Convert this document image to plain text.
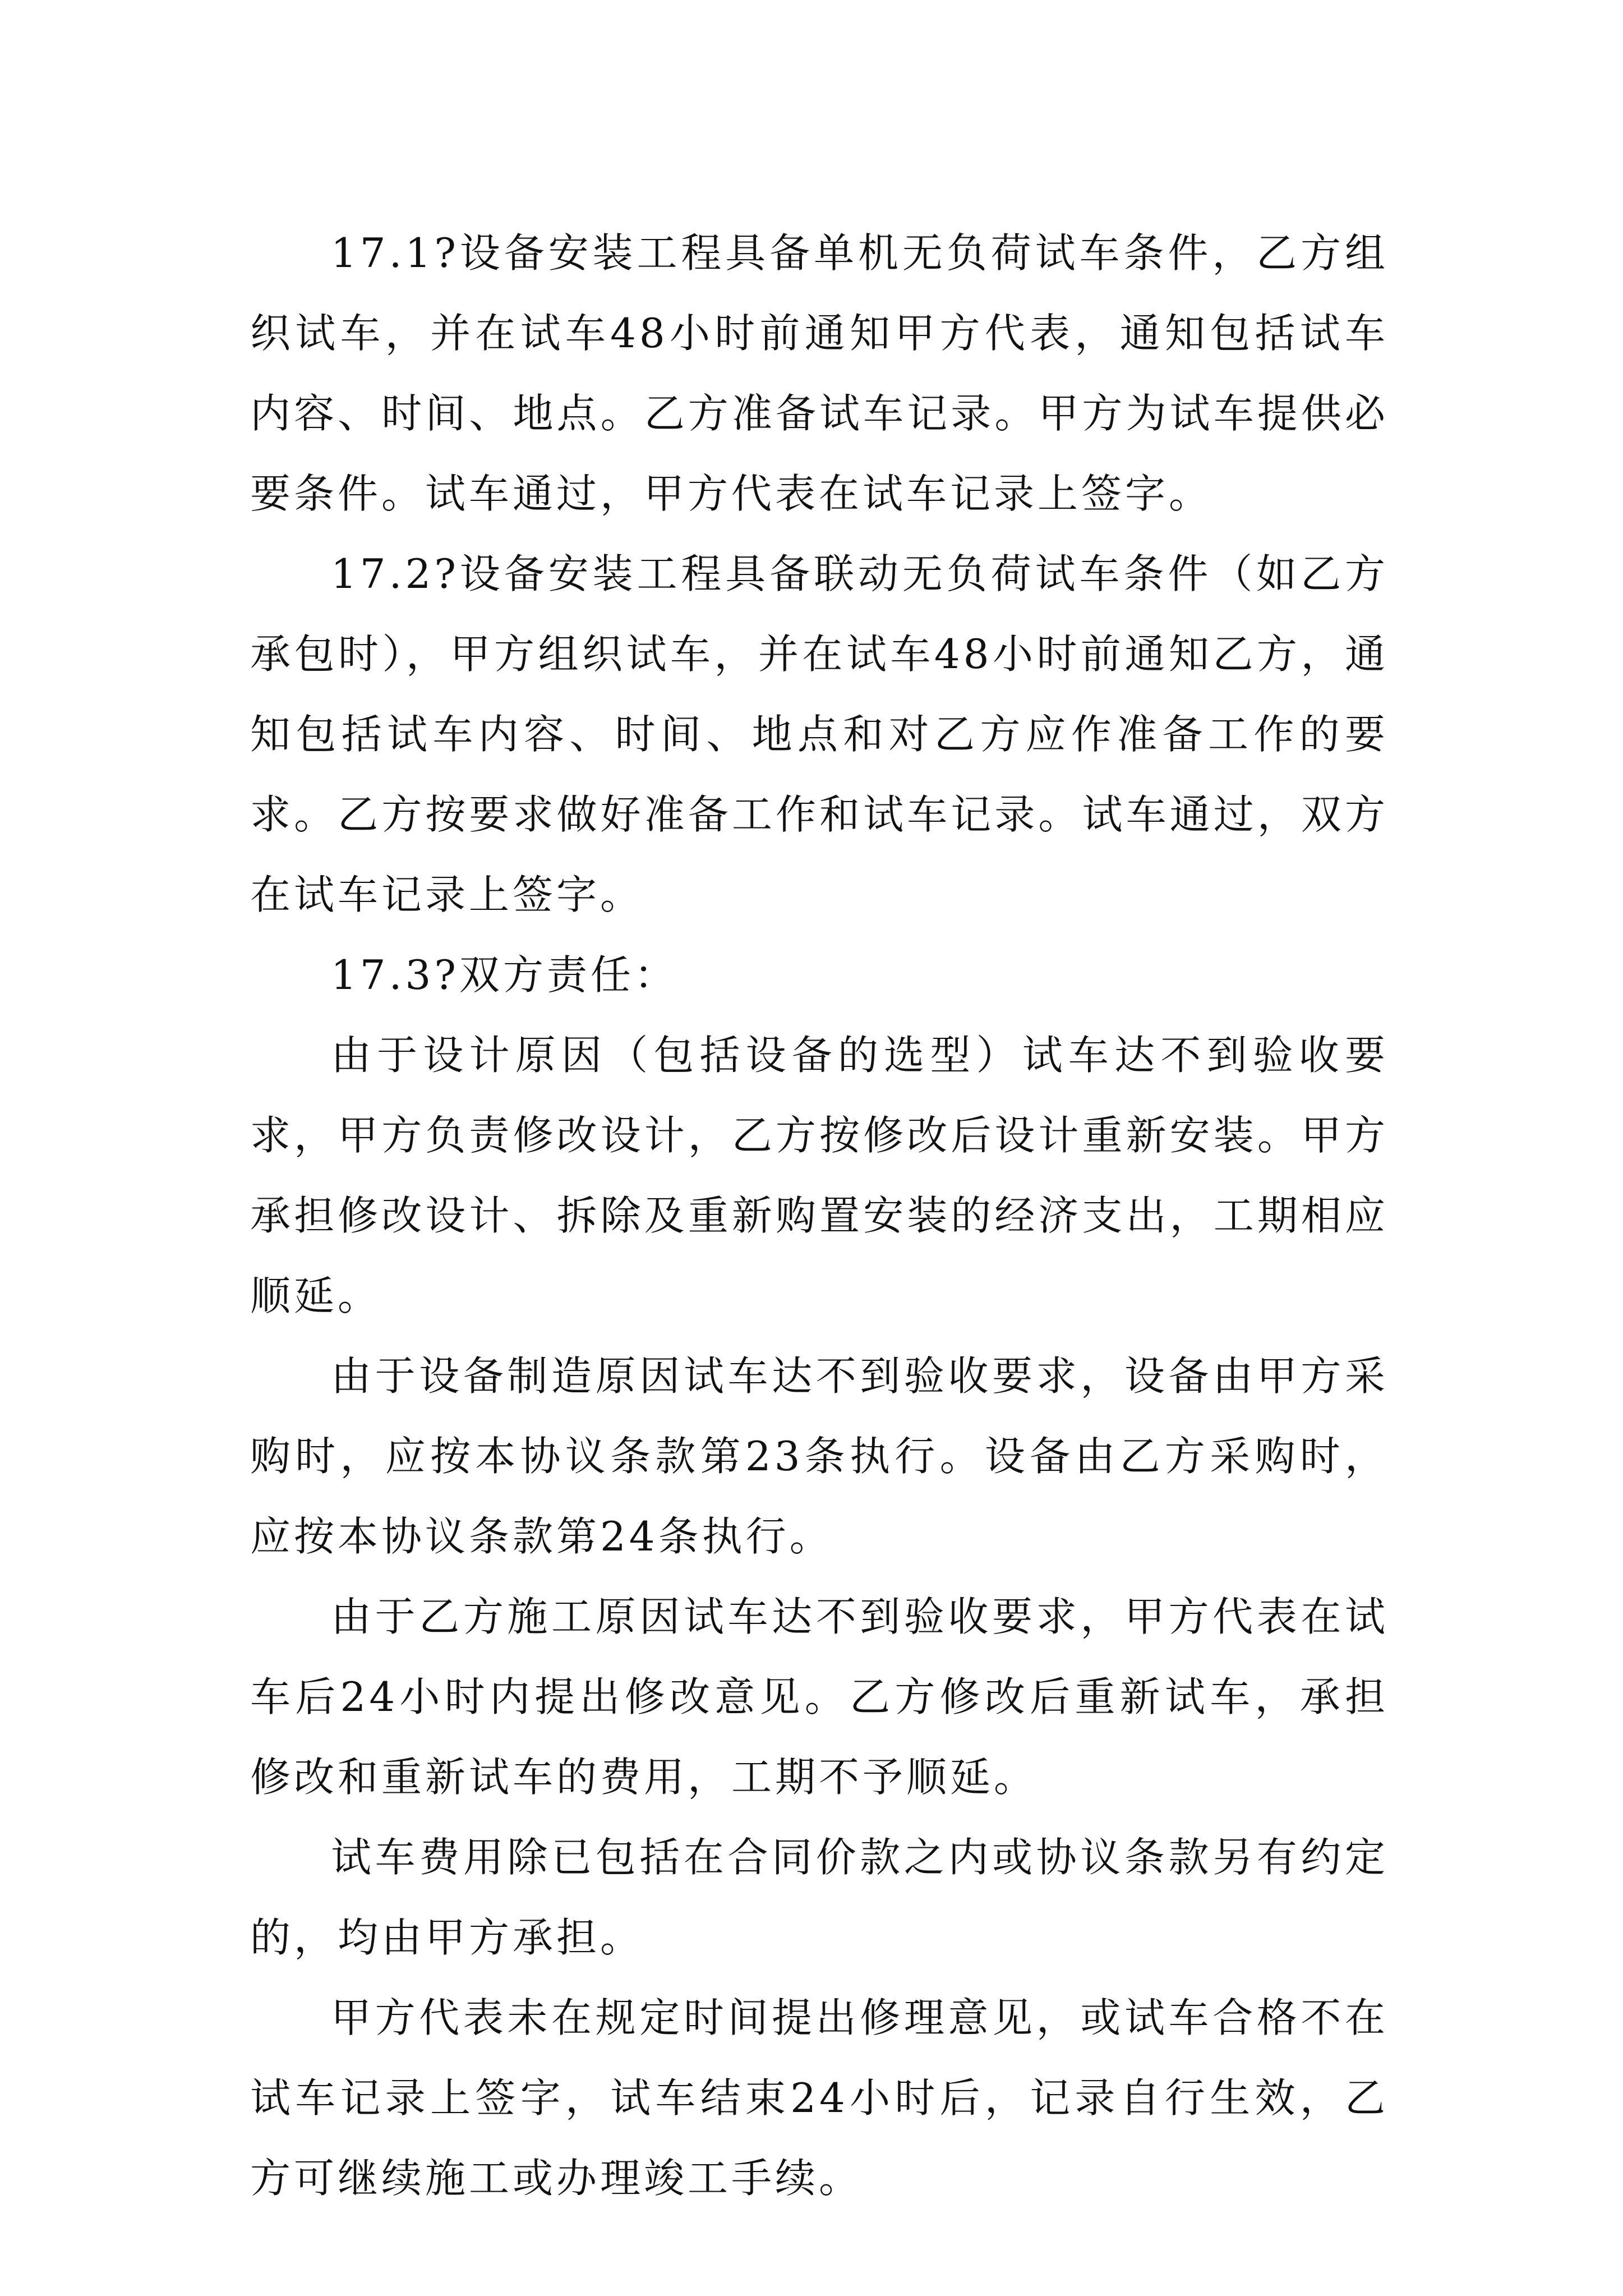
17.1?设备安装工程具备单机无负荷试车条件，乙方组织试车，并在试车48小时前通知甲方代表，通知包括试车内容、时间、地点。乙方准备试车记录。甲方为试车提供必要条件。试车通过，甲方代表在试车记录上签字。

17.2?设备安装工程具备联动无负荷试车条件（如乙方承包时），甲方组织试车，并在试车48小时前通知乙方，通知包括试车内容、时间、地点和对乙方应作准备工作的要求。乙方按要求做好准备工作和试车记录。试车通过，双方在试车记录上签字。

17.3?双方责任：

由于设计原因（包括设备的选型）试车达不到验收要求，甲方负责修改设计，乙方按修改后设计重新安装。甲方承担修改设计、拆除及重新购置安装的经济支出，工期相应顺延。

由于设备制造原因试车达不到验收要求，设备由甲方采购时，应按本协议条款第23条执行。设备由乙方采购时，应按本协议条款第24条执行。

由于乙方施工原因试车达不到验收要求，甲方代表在试车后24小时内提出修改意见。乙方修改后重新试车，承担修改和重新试车的费用，工期不予顺延。

试车费用除已包括在合同价款之内或协议条款另有约定的，均由甲方承担。

甲方代表未在规定时间提出修理意见，或试车合格不在试车记录上签字，试车结束24小时后，记录自行生效，乙方可继续施工或办理竣工手续。
